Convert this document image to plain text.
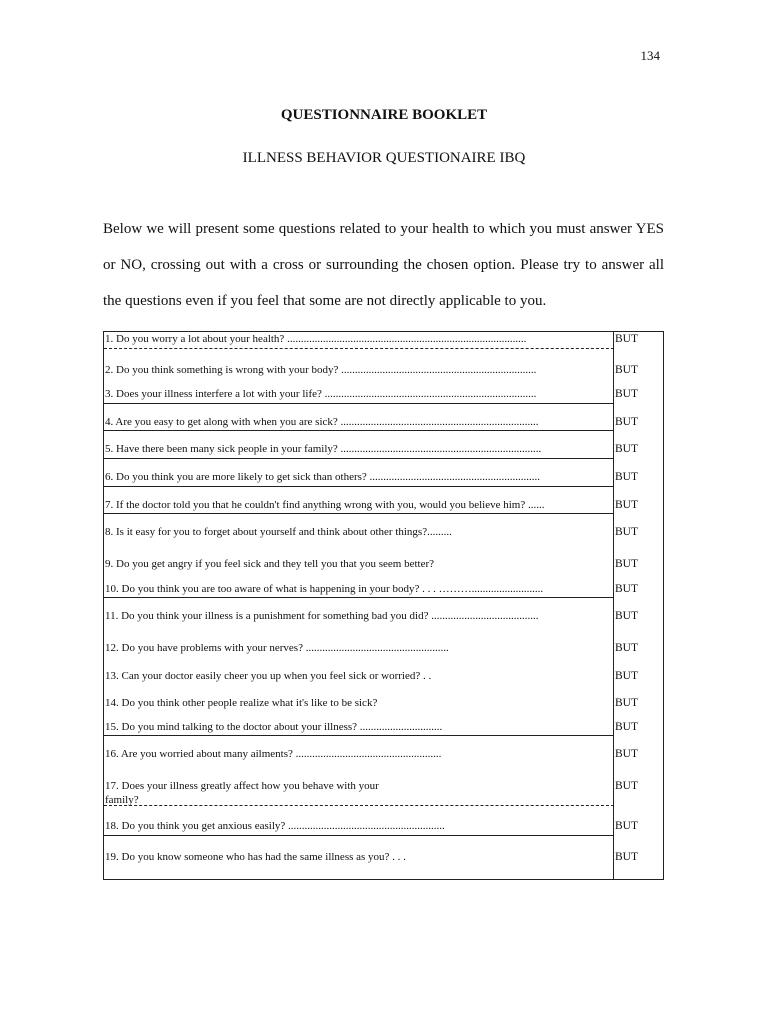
134
QUESTIONNAIRE BOOKLET
ILLNESS BEHAVIOR QUESTIONAIRE IBQ
Below we will present some questions related to your health to which you must answer YES
or NO, crossing out with a cross or surrounding the chosen option. Please try to answer all
the questions even if you feel that some are not directly applicable to you.
1. Do you worry a lot about your health? .......................................................................................	BUT
2. Do you think something is wrong with your body? .......................................................................	BUT
3. Does your illness interfere a lot with your life? .............................................................................	BUT
4. Are you easy to get along with when you are sick? ........................................................................	BUT
5. Have there been many sick people in your family? .........................................................................	BUT
6. Do you think you are more likely to get sick than others? ..............................................................	BUT
7. If the doctor told you that he couldn't find anything wrong with you, would you believe him? ......	BUT
8. Is it easy for you to forget about yourself and think about other things?.........	BUT
9. Do you get angry if you feel sick and they tell you that you seem better?	BUT
10. Do you think you are too aware of what is happening in your body? . . . ………..........................	BUT
11. Do you think your illness is a punishment for something bad you did? .......................................	BUT
12. Do you have problems with your nerves? ....................................................	BUT
13. Can your doctor easily cheer you up when you feel sick or worried? . .	BUT
14. Do you think other people realize what it's like to be sick?	BUT
15. Do you mind talking to the doctor about your illness? ..............................	BUT
16. Are you worried about many ailments? .....................................................	BUT
17. Does your illness greatly affect how you behave with your	BUT
family?
18. Do you think you get anxious easily? .........................................................	BUT
19. Do you know someone who has had the same illness as you? . . .	BUT
